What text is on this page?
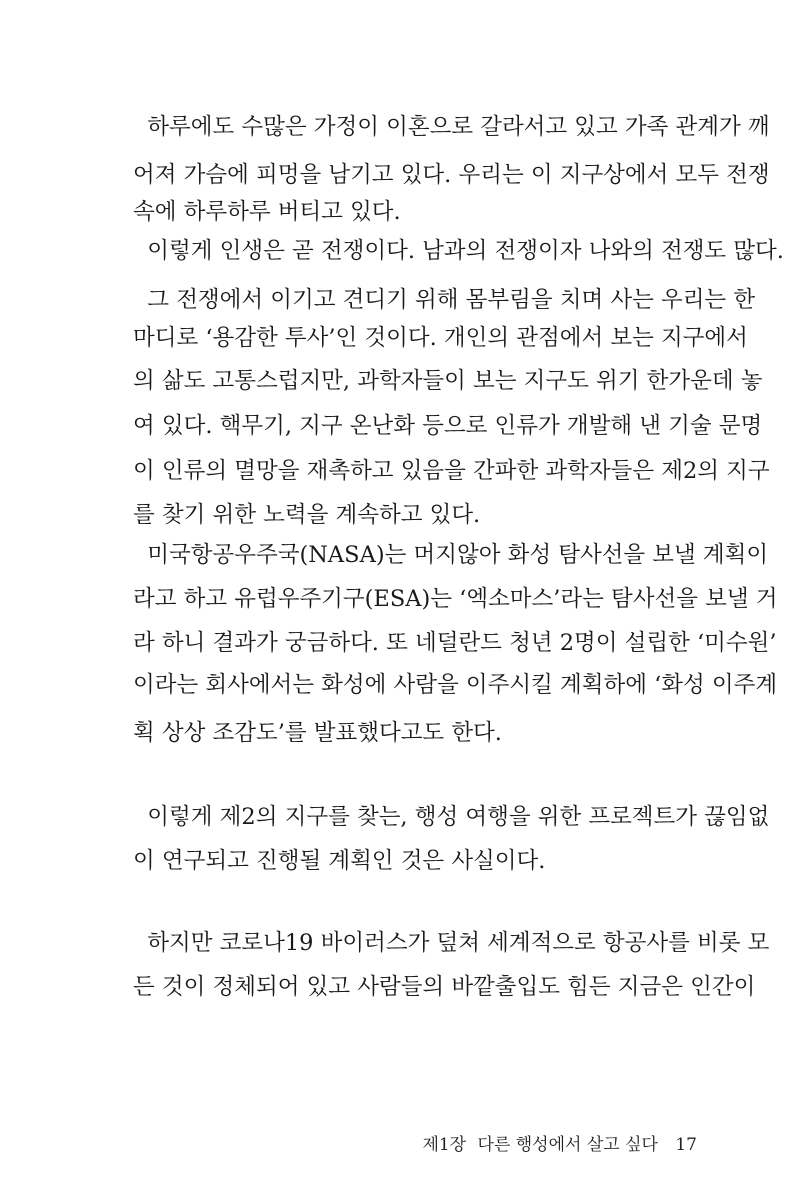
하루에도 수많은 가정이 이혼으로 갈라서고 있고 가족 관계가 깨
어져 가슴에 피멍을 남기고 있다. 우리는 이 지구상에서 모두 전쟁
속에 하루하루 버티고 있다.
이렇게 인생은 곧 전쟁이다. 남과의 전쟁이자 나와의 전쟁도 많다.
그 전쟁에서 이기고 견디기 위해 몸부림을 치며 사는 우리는 한
마디로 ‘용감한 투사’인 것이다. 개인의 관점에서 보는 지구에서
의 삶도 고통스럽지만, 과학자들이 보는 지구도 위기 한가운데 놓
여 있다. 핵무기, 지구 온난화 등으로 인류가 개발해 낸 기술 문명
이 인류의 멸망을 재촉하고 있음을 간파한 과학자들은 제2의 지구
를 찾기 위한 노력을 계속하고 있다.
미국항공우주국(NASA)는 머지않아 화성 탐사선을 보낼 계획이
라고 하고 유럽우주기구(ESA)는 ‘엑소마스’라는 탐사선을 보낼 거
라 하니 결과가 궁금하다. 또 네덜란드 청년 2명이 설립한 ‘미수원’
이라는 회사에서는 화성에 사람을 이주시킬 계획하에 ‘화성 이주계
획 상상 조감도’를 발표했다고도 한다.
이렇게 제2의 지구를 찾는, 행성 여행을 위한 프로젝트가 끊임없
이 연구되고 진행될 계획인 것은 사실이다.
하지만 코로나19 바이러스가 덮쳐 세계적으로 항공사를 비롯 모
든 것이 정체되어 있고 사람들의 바깥출입도 힘든 지금은 인간이
제1장 다른 행성에서 살고 싶다 17
